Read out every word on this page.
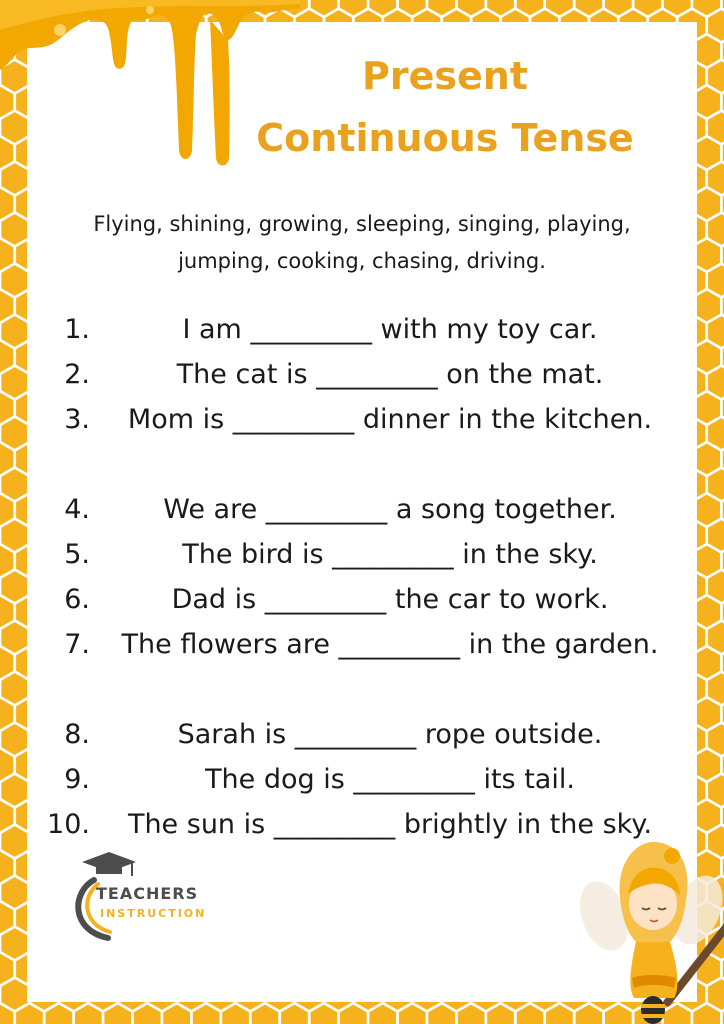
Present
Continuous Tense
Flying, shining, growing, sleeping, singing, playing,
jumping, cooking, chasing, driving.
1.	I am _________ with my toy car.
2.	The cat is _________ on the mat.
3.	Mom is _________ dinner in the kitchen.
4.	We are _________ a song together.
5.	The bird is _________ in the sky.
6.	Dad is _________ the car to work.
7.	The flowers are _________ in the garden.
8.	Sarah is _________ rope outside.
9.	The dog is _________ its tail.
10.	The sun is _________ brightly in the sky.
TEACHERS
INSTRUCTION
